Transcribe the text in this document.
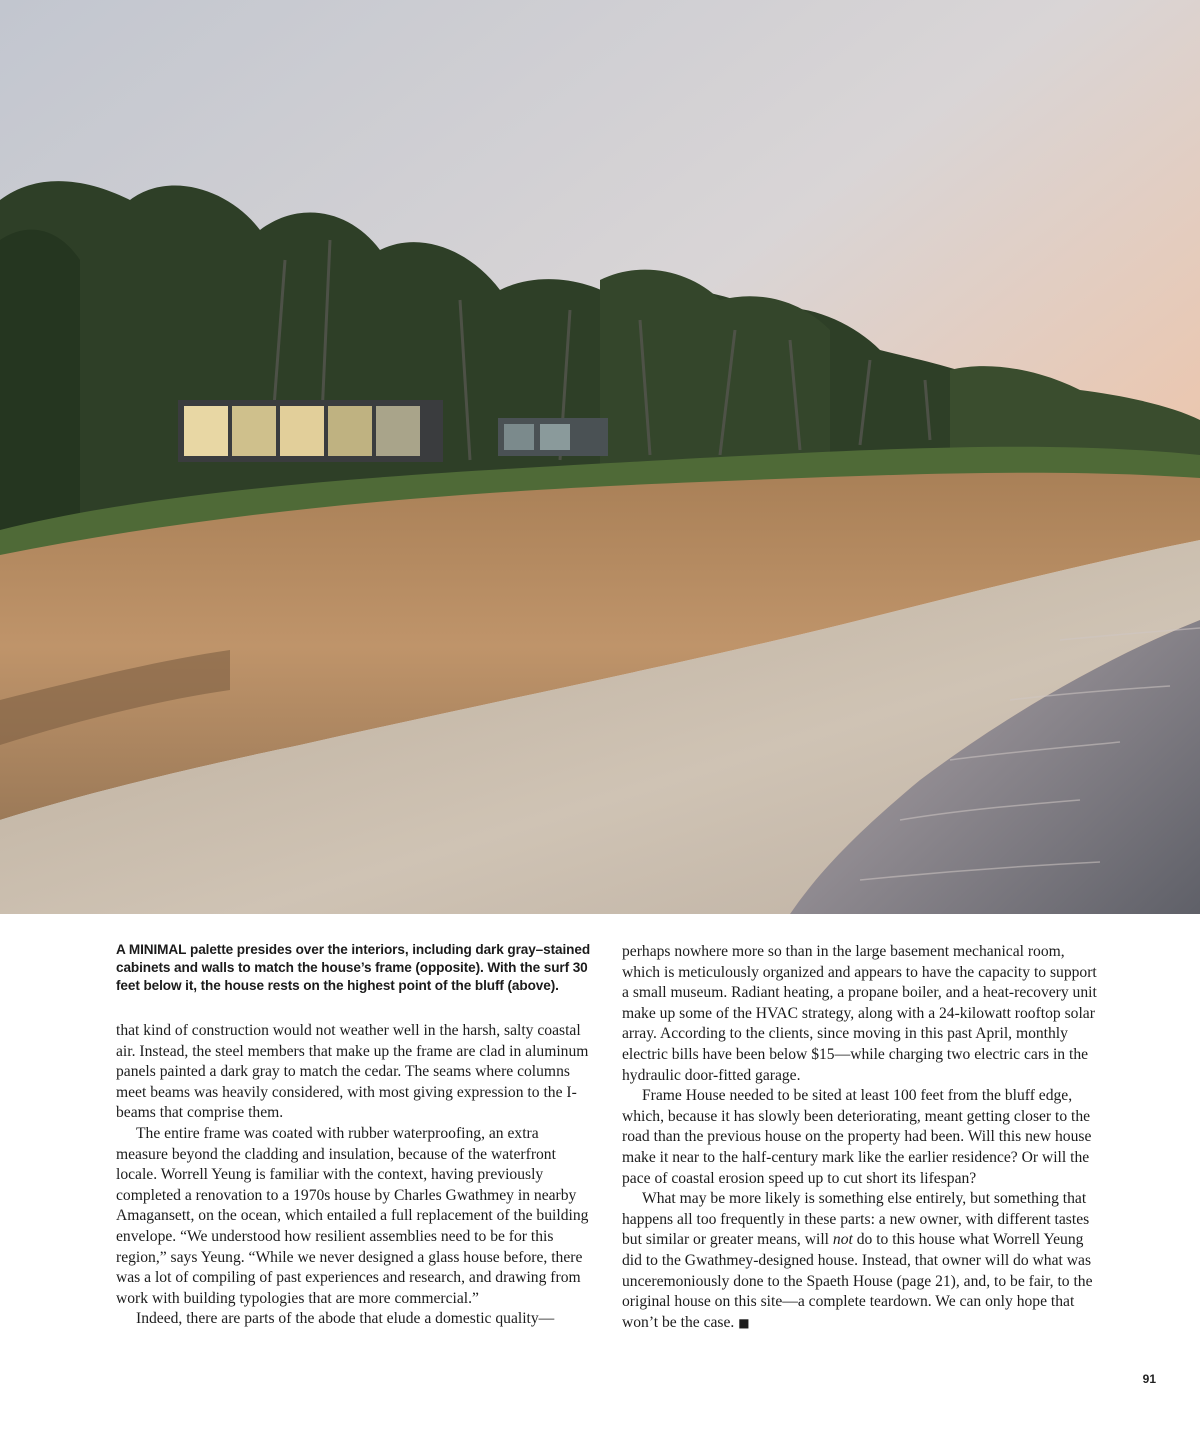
A MINIMAL palette presides over the interiors, including dark gray–stained cabinets and walls to match the house’s frame (opposite). With the surf 30 feet below it, the house rests on the highest point of the bluff (above).

that kind of construction would not weather well in the harsh, salty coastal air. Instead, the steel members that make up the frame are clad in aluminum panels painted a dark gray to match the cedar. The seams where columns meet beams was heavily considered, with most giving expression to the I-beams that comprise them.

The entire frame was coated with rubber waterproofing, an extra measure beyond the cladding and insulation, because of the waterfront locale. Worrell Yeung is familiar with the context, having previously completed a renovation to a 1970s house by Charles Gwathmey in nearby Amagansett, on the ocean, which entailed a full replacement of the building envelope. “We understood how resilient assemblies need to be for this region,” says Yeung. “While we never designed a glass house before, there was a lot of compiling of past experiences and research, and drawing from work with building typologies that are more commercial.”

Indeed, there are parts of the abode that elude a domestic quality—

perhaps nowhere more so than in the large basement mechanical room, which is meticulously organized and appears to have the capacity to support a small museum. Radiant heating, a propane boiler, and a heat-recovery unit make up some of the HVAC strategy, along with a 24-kilowatt rooftop solar array. According to the clients, since moving in this past April, monthly electric bills have been below $15—while charging two electric cars in the hydraulic door-fitted garage.

Frame House needed to be sited at least 100 feet from the bluff edge, which, because it has slowly been deteriorating, meant getting closer to the road than the previous house on the property had been. Will this new house make it near to the half-century mark like the earlier residence? Or will the pace of coastal erosion speed up to cut short its lifespan?

What may be more likely is something else entirely, but something that happens all too frequently in these parts: a new owner, with different tastes but similar or greater means, will not do to this house what Worrell Yeung did to the Gwathmey-designed house. Instead, that owner will do what was unceremoniously done to the Spaeth House (page 21), and, to be fair, to the original house on this site—a complete teardown. We can only hope that won’t be the case. ■

91
